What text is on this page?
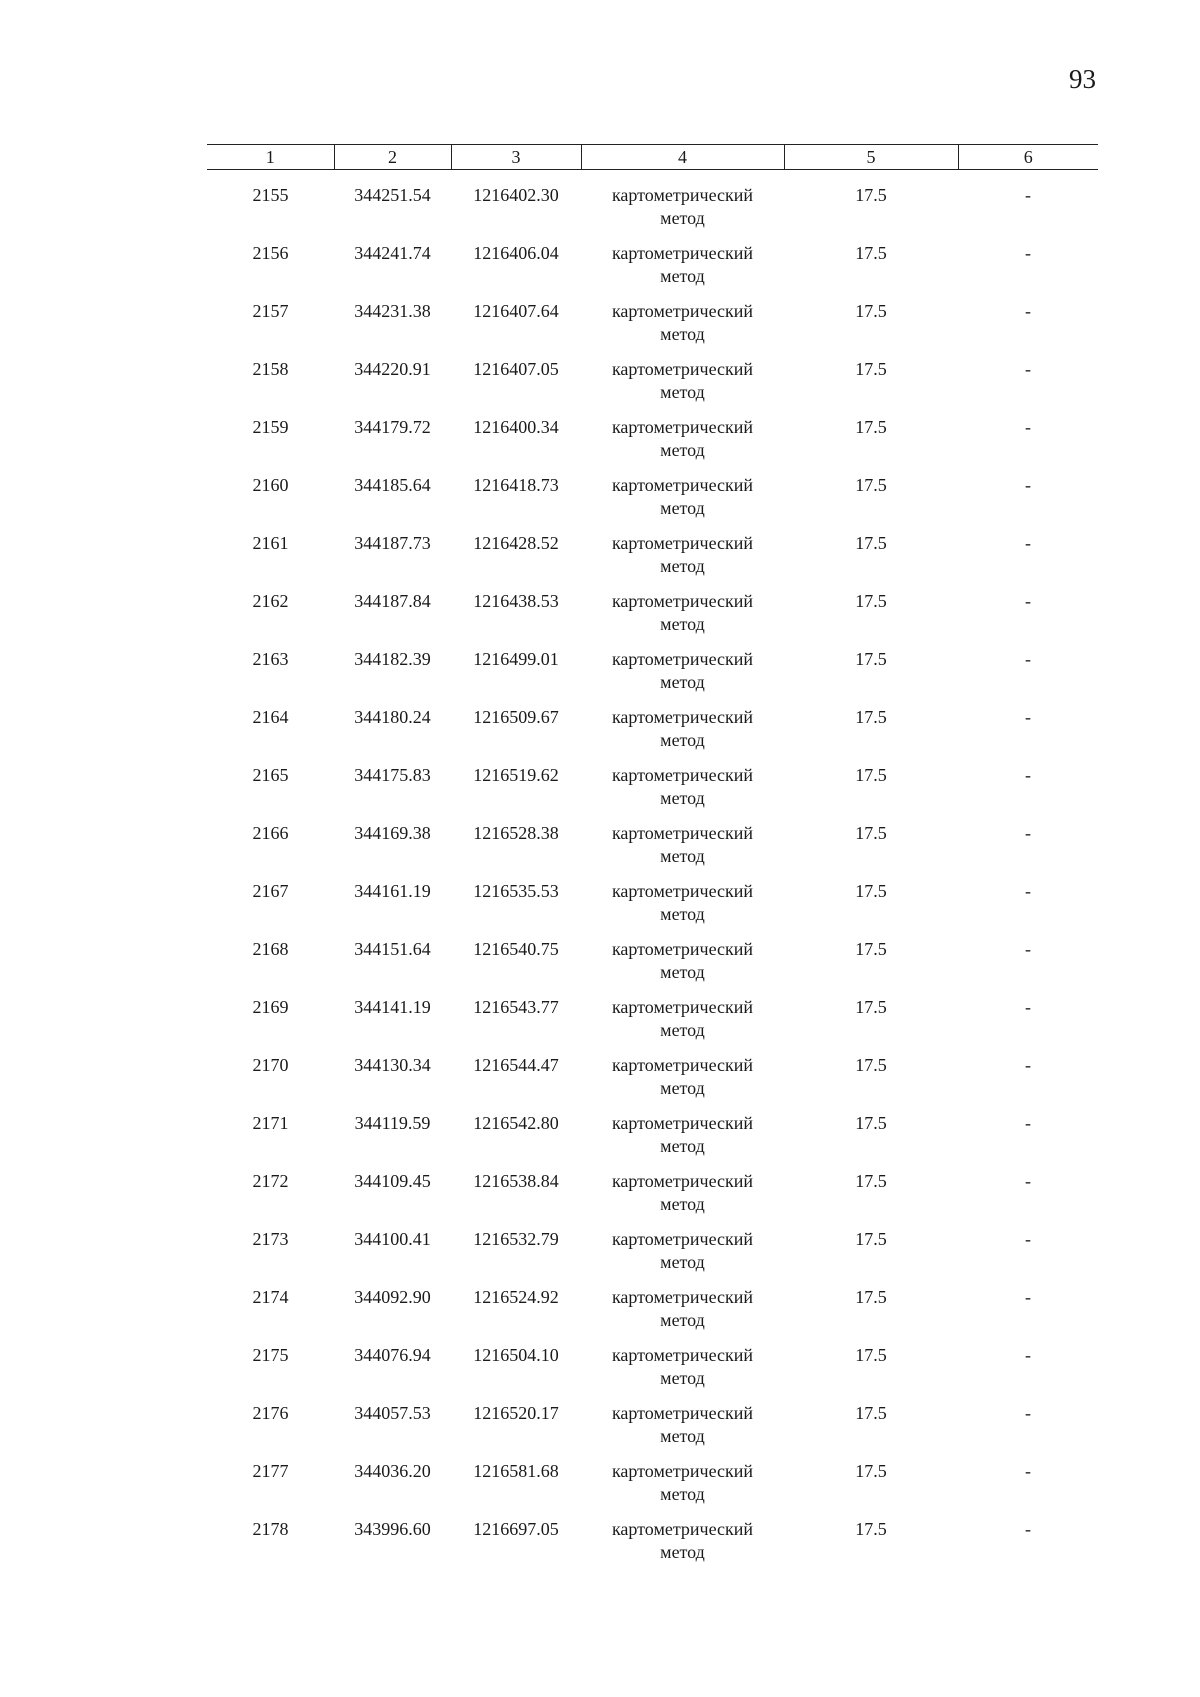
93
1	2	3	4	5	6
2155	344251.54	1216402.30	картометрический
метод	17.5	-
2156	344241.74	1216406.04	картометрический
метод	17.5	-
2157	344231.38	1216407.64	картометрический
метод	17.5	-
2158	344220.91	1216407.05	картометрический
метод	17.5	-
2159	344179.72	1216400.34	картометрический
метод	17.5	-
2160	344185.64	1216418.73	картометрический
метод	17.5	-
2161	344187.73	1216428.52	картометрический
метод	17.5	-
2162	344187.84	1216438.53	картометрический
метод	17.5	-
2163	344182.39	1216499.01	картометрический
метод	17.5	-
2164	344180.24	1216509.67	картометрический
метод	17.5	-
2165	344175.83	1216519.62	картометрический
метод	17.5	-
2166	344169.38	1216528.38	картометрический
метод	17.5	-
2167	344161.19	1216535.53	картометрический
метод	17.5	-
2168	344151.64	1216540.75	картометрический
метод	17.5	-
2169	344141.19	1216543.77	картометрический
метод	17.5	-
2170	344130.34	1216544.47	картометрический
метод	17.5	-
2171	344119.59	1216542.80	картометрический
метод	17.5	-
2172	344109.45	1216538.84	картометрический
метод	17.5	-
2173	344100.41	1216532.79	картометрический
метод	17.5	-
2174	344092.90	1216524.92	картометрический
метод	17.5	-
2175	344076.94	1216504.10	картометрический
метод	17.5	-
2176	344057.53	1216520.17	картометрический
метод	17.5	-
2177	344036.20	1216581.68	картометрический
метод	17.5	-
2178	343996.60	1216697.05	картометрический
метод	17.5	-
